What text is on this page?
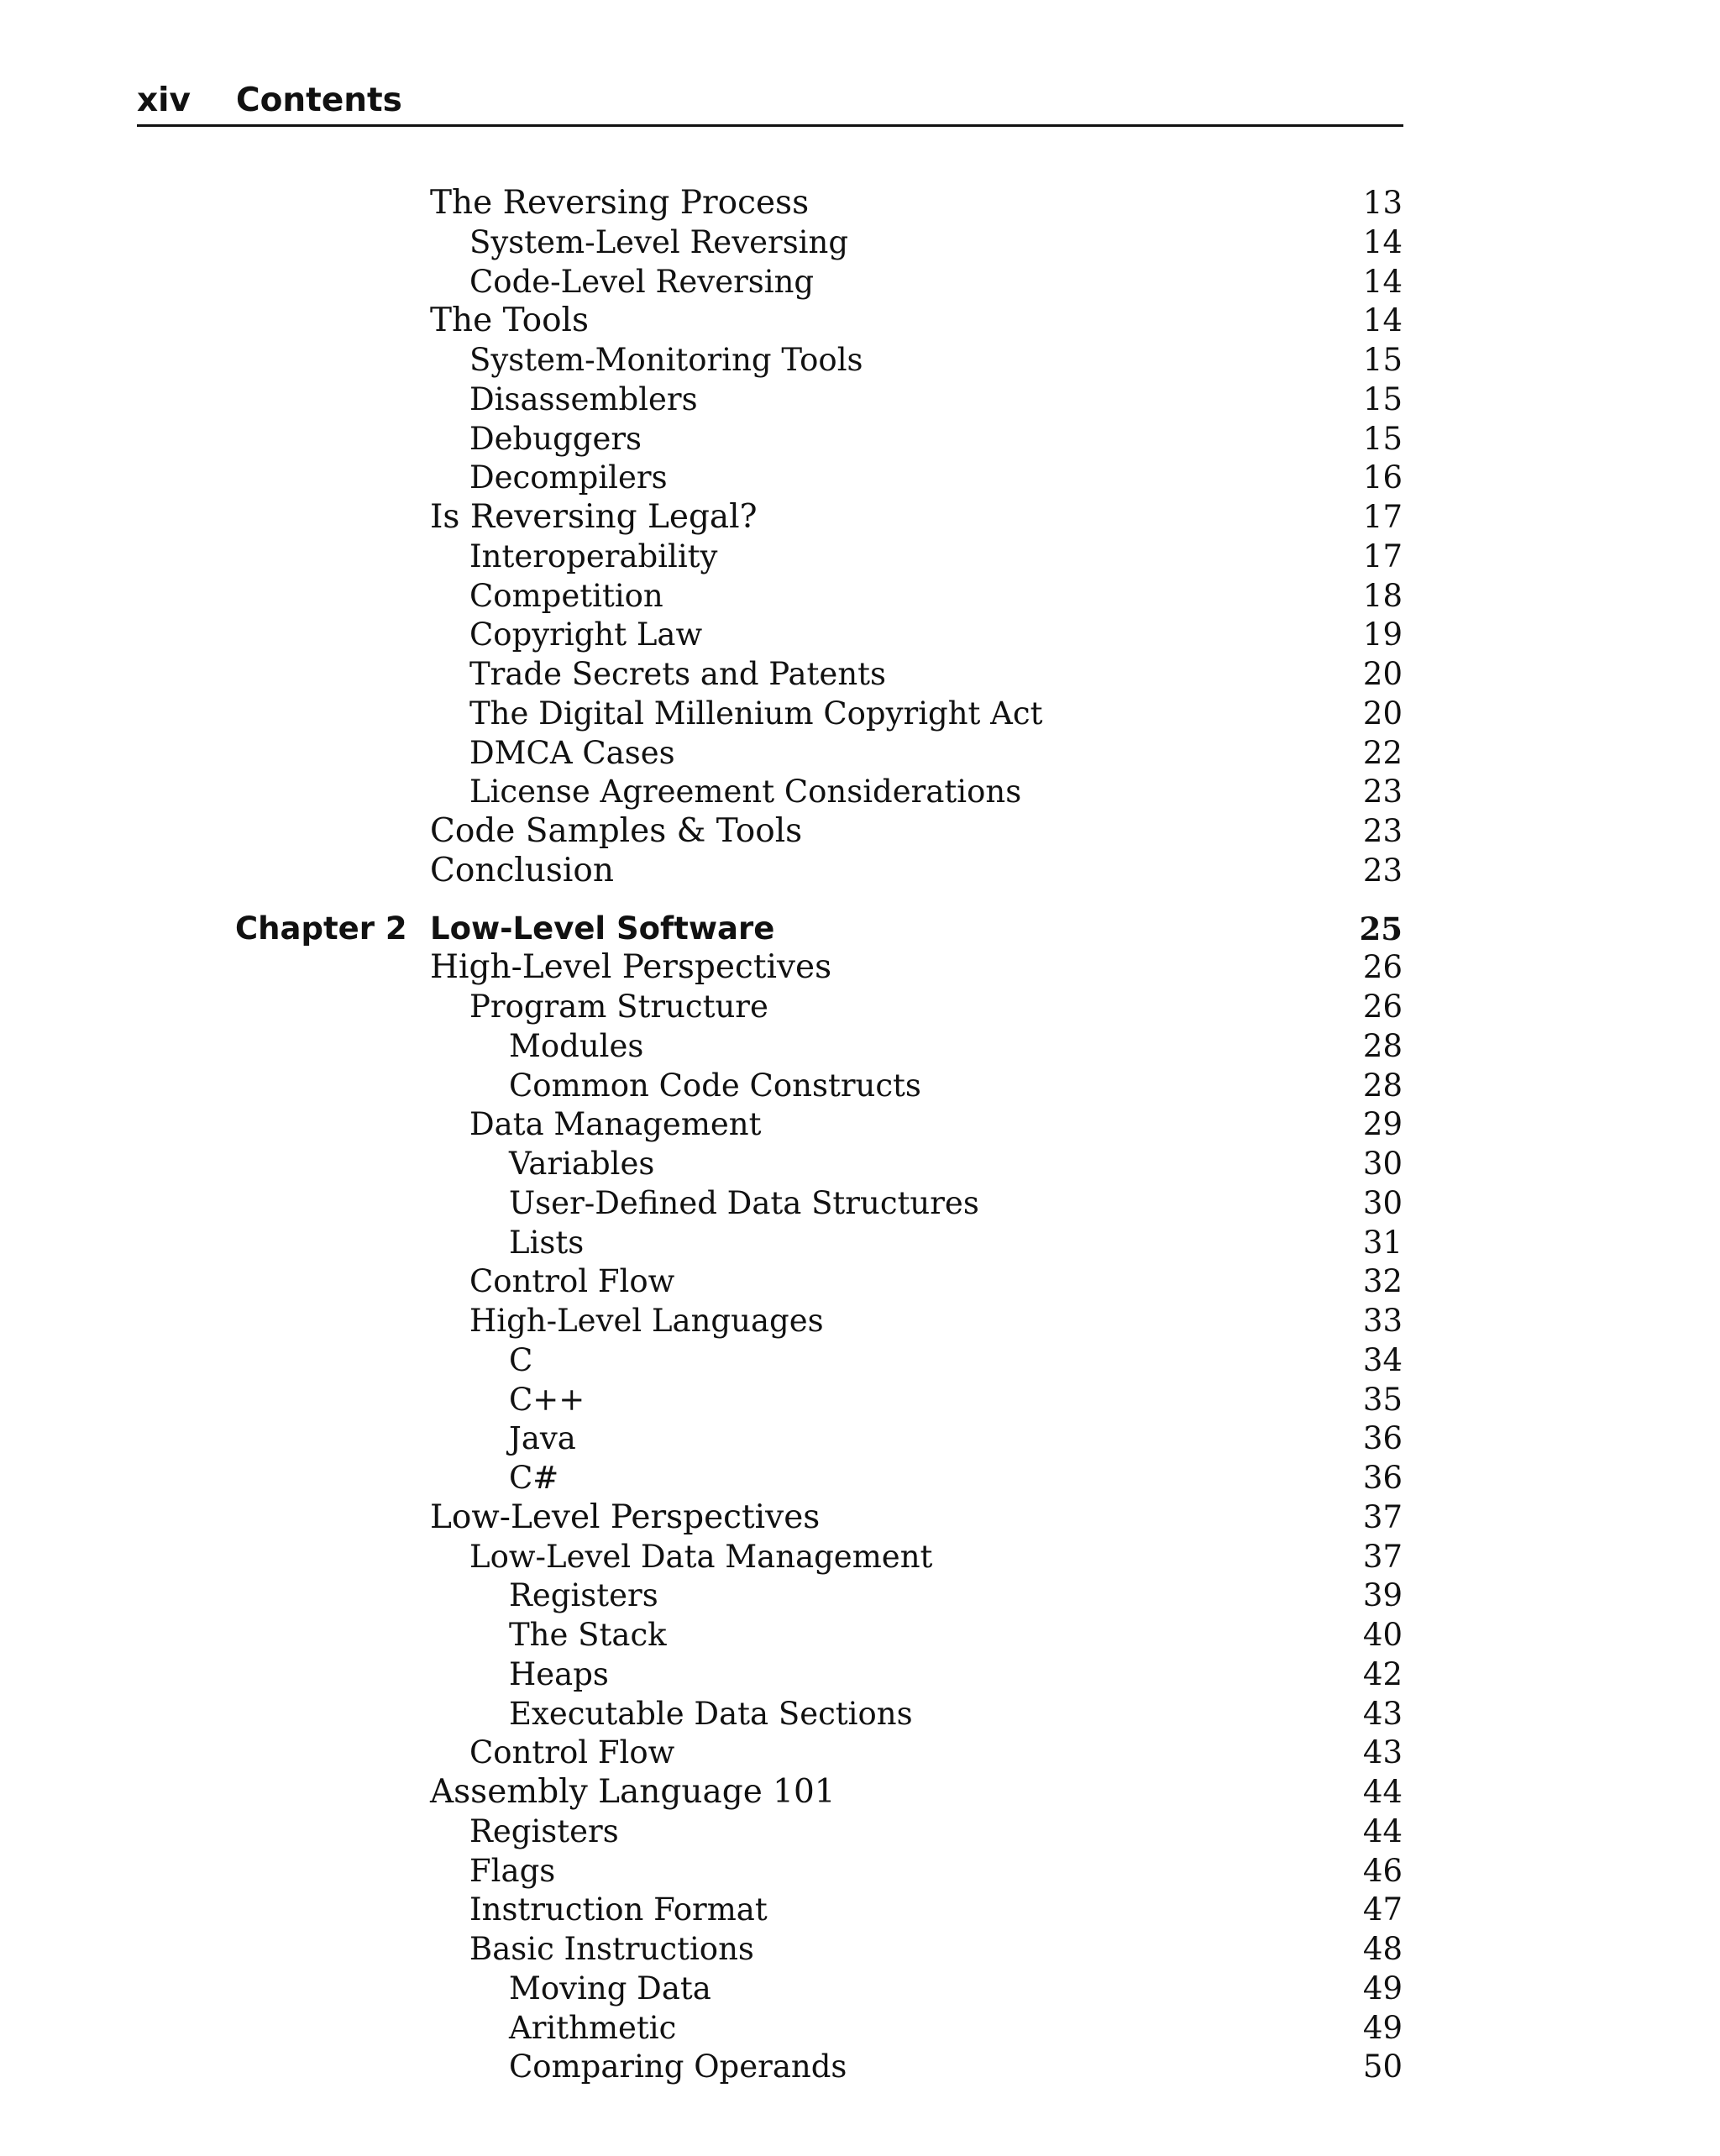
xiv Contents
The Reversing Process	13
System-Level Reversing	14
Code-Level Reversing	14
The Tools	14
System-Monitoring Tools	15
Disassemblers	15
Debuggers	15
Decompilers	16
Is Reversing Legal?	17
Interoperability	17
Competition	18
Copyright Law	19
Trade Secrets and Patents	20
The Digital Millenium Copyright Act	20
DMCA Cases	22
License Agreement Considerations	23
Code Samples & Tools	23
Conclusion	23
Chapter 2 Low-Level Software	25
High-Level Perspectives	26
Program Structure	26
Modules	28
Common Code Constructs	28
Data Management	29
Variables	30
User-Defined Data Structures	30
Lists	31
Control Flow	32
High-Level Languages	33
C	34
C++	35
Java	36
C#	36
Low-Level Perspectives	37
Low-Level Data Management	37
Registers	39
The Stack	40
Heaps	42
Executable Data Sections	43
Control Flow	43
Assembly Language 101	44
Registers	44
Flags	46
Instruction Format	47
Basic Instructions	48
Moving Data	49
Arithmetic	49
Comparing Operands	50
